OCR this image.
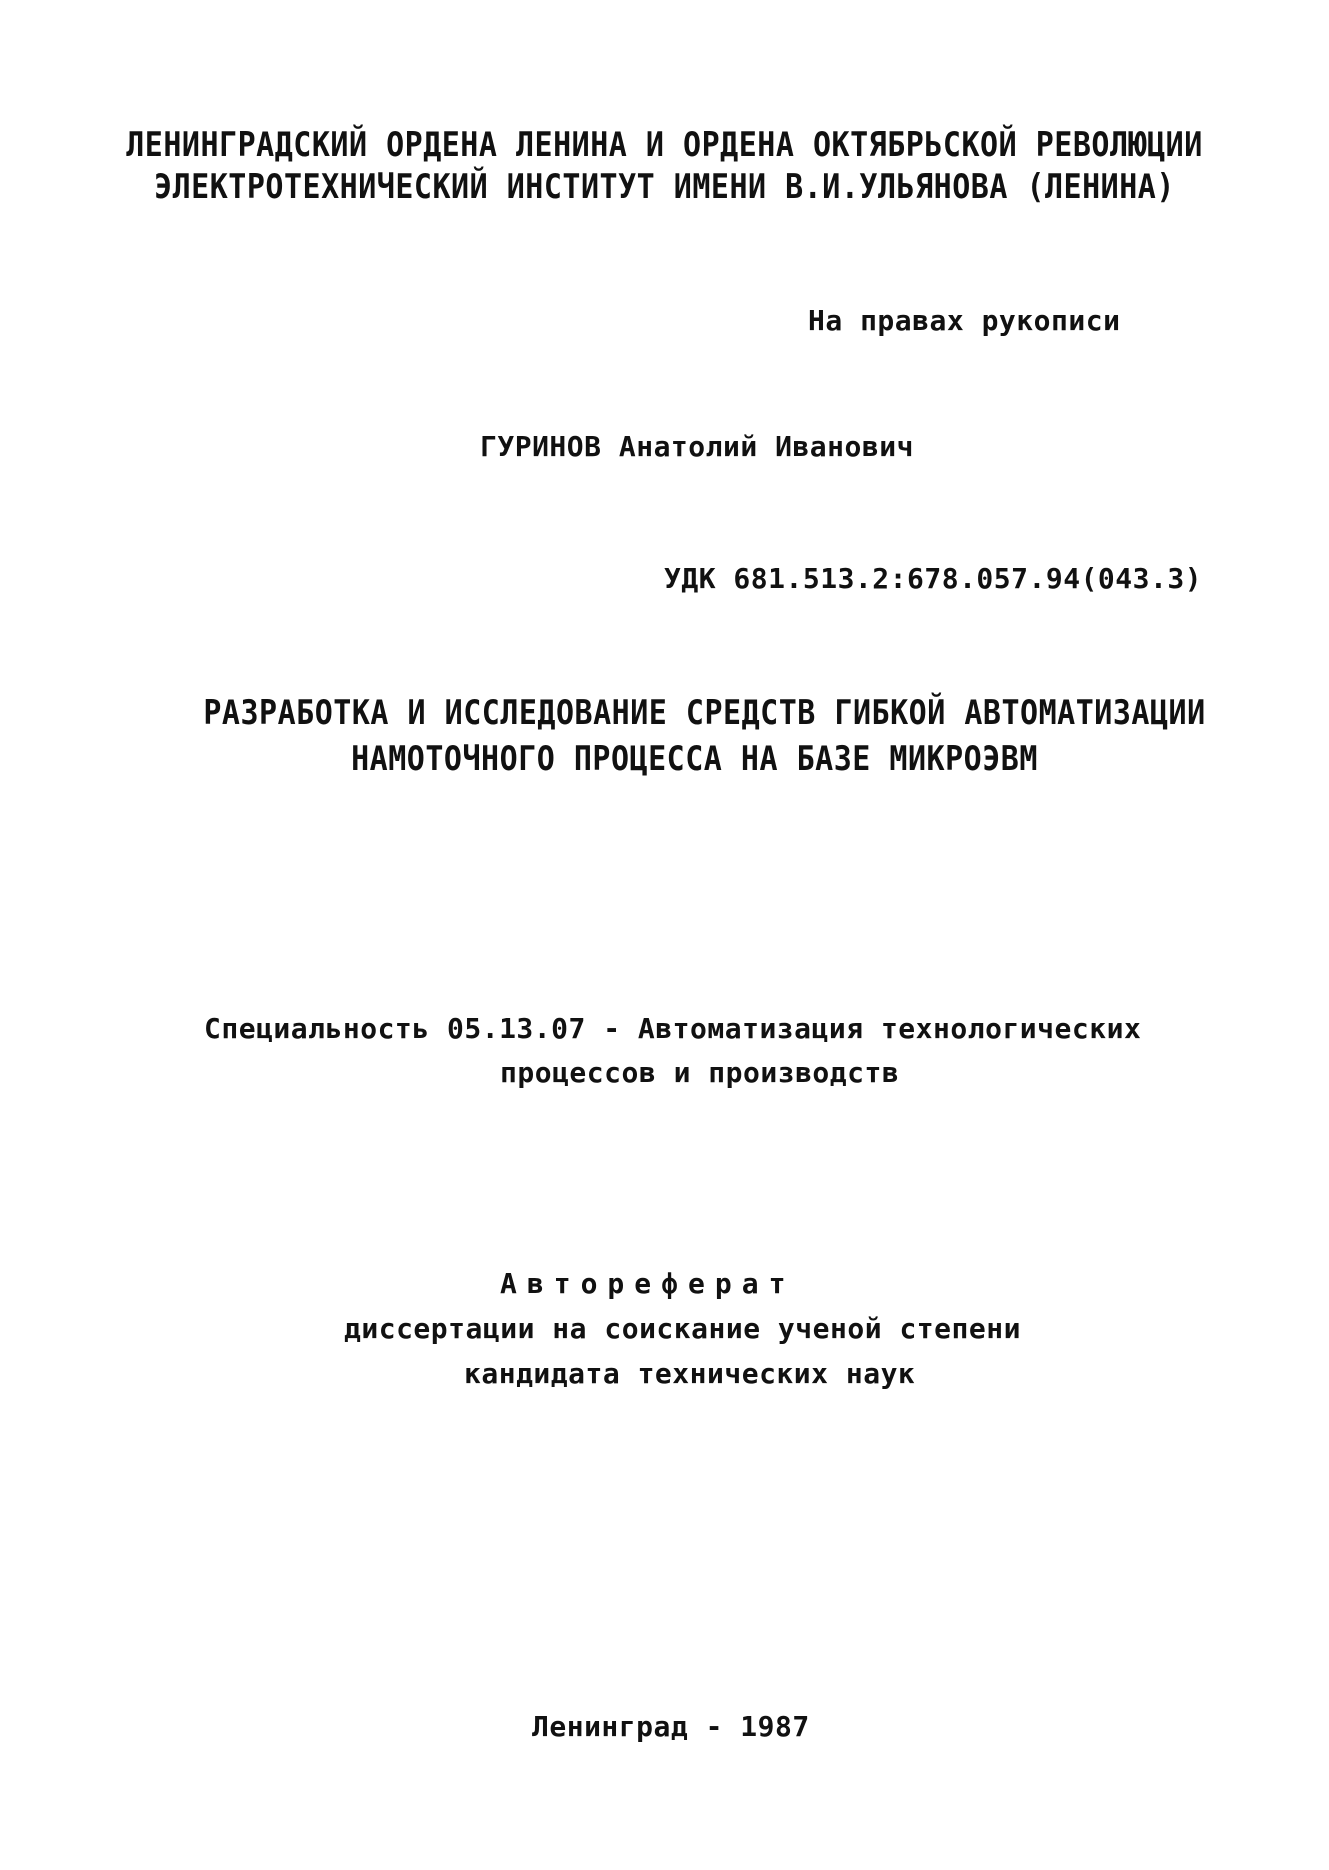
ЛЕНИНГРАДСКИЙ ОРДЕНА ЛЕНИНА И ОРДЕНА ОКТЯБРЬСКОЙ РЕВОЛЮЦИИ
ЭЛЕКТРОТЕХНИЧЕСКИЙ ИНСТИТУТ ИМЕНИ В.И.УЛЬЯНОВА (ЛЕНИНА)
На правах рукописи
ГУРИНОВ Анатолий Иванович
УДК 681.513.2:678.057.94(043.3)
РАЗРАБОТКА И ИССЛЕДОВАНИЕ СРЕДСТВ ГИБКОЙ АВТОМАТИЗАЦИИ
НАМОТОЧНОГО ПРОЦЕССА НА БАЗЕ МИКРОЭВМ
Специальность 05.13.07 - Автоматизация технологических
процессов и производств
Автореферат
диссертации на соискание ученой степени
кандидата технических наук
Ленинград - 1987
